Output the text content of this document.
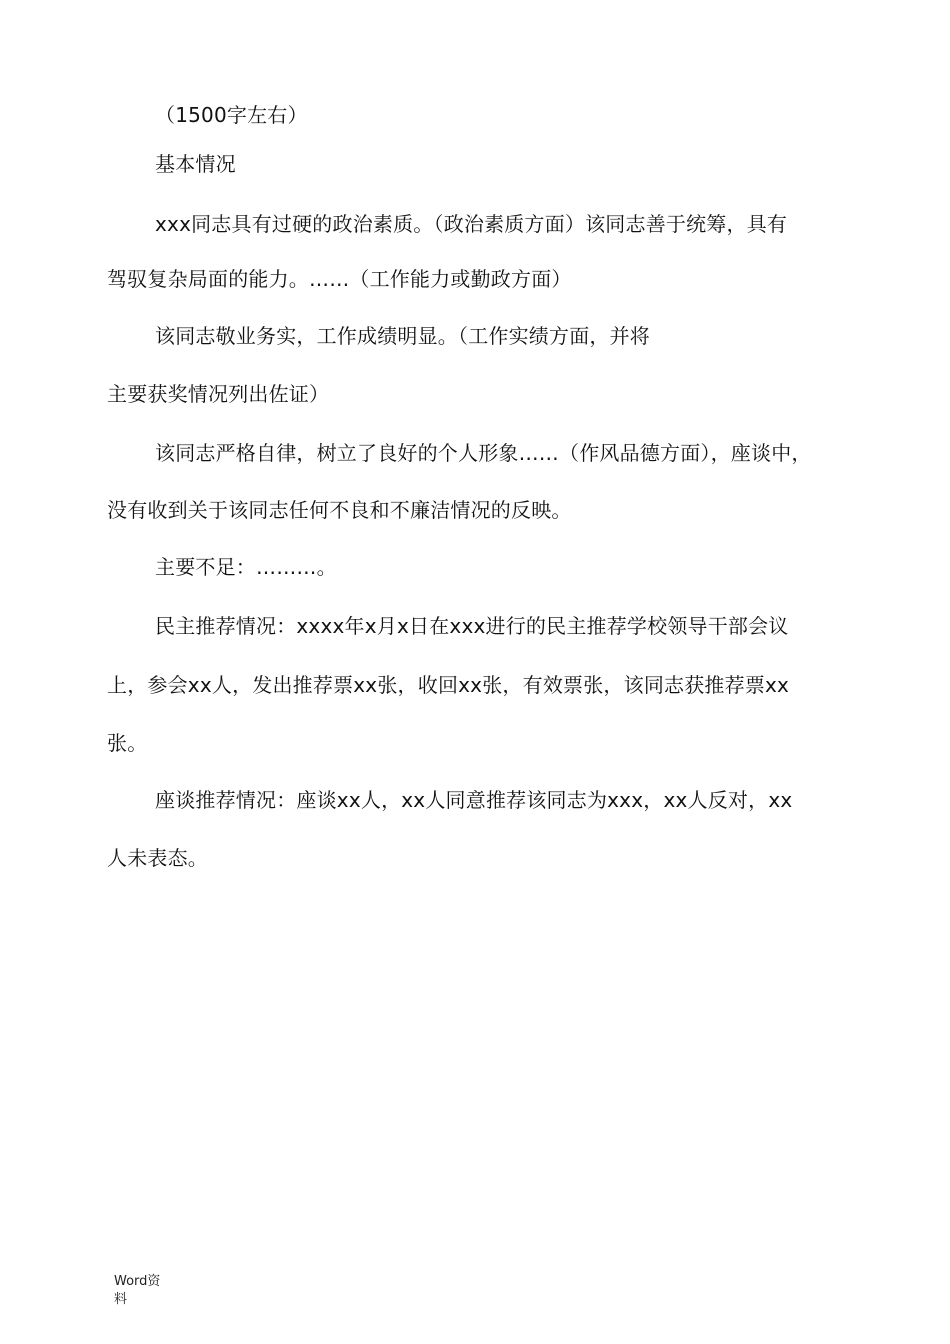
（1500字左右）
基本情况
xxx同志具有过硬的政治素质。（政治素质方面）该同志善于统筹，具有
驾驭复杂局面的能力。……（工作能力或勤政方面）
该同志敬业务实，工作成绩明显。（工作实绩方面，并将
主要获奖情况列出佐证）
该同志严格自律，树立了良好的个人形象……（作风品德方面），座谈中，
没有收到关于该同志任何不良和不廉洁情况的反映。
主要不足：………。
民主推荐情况：xxxx年x月x日在xxx进行的民主推荐学校领导干部会议
上，参会xx人，发出推荐票xx张，收回xx张，有效票张，该同志获推荐票xx
张。
座谈推荐情况：座谈xx人，xx人同意推荐该同志为xxx，xx人反对，xx
人未表态。
Word资
料
